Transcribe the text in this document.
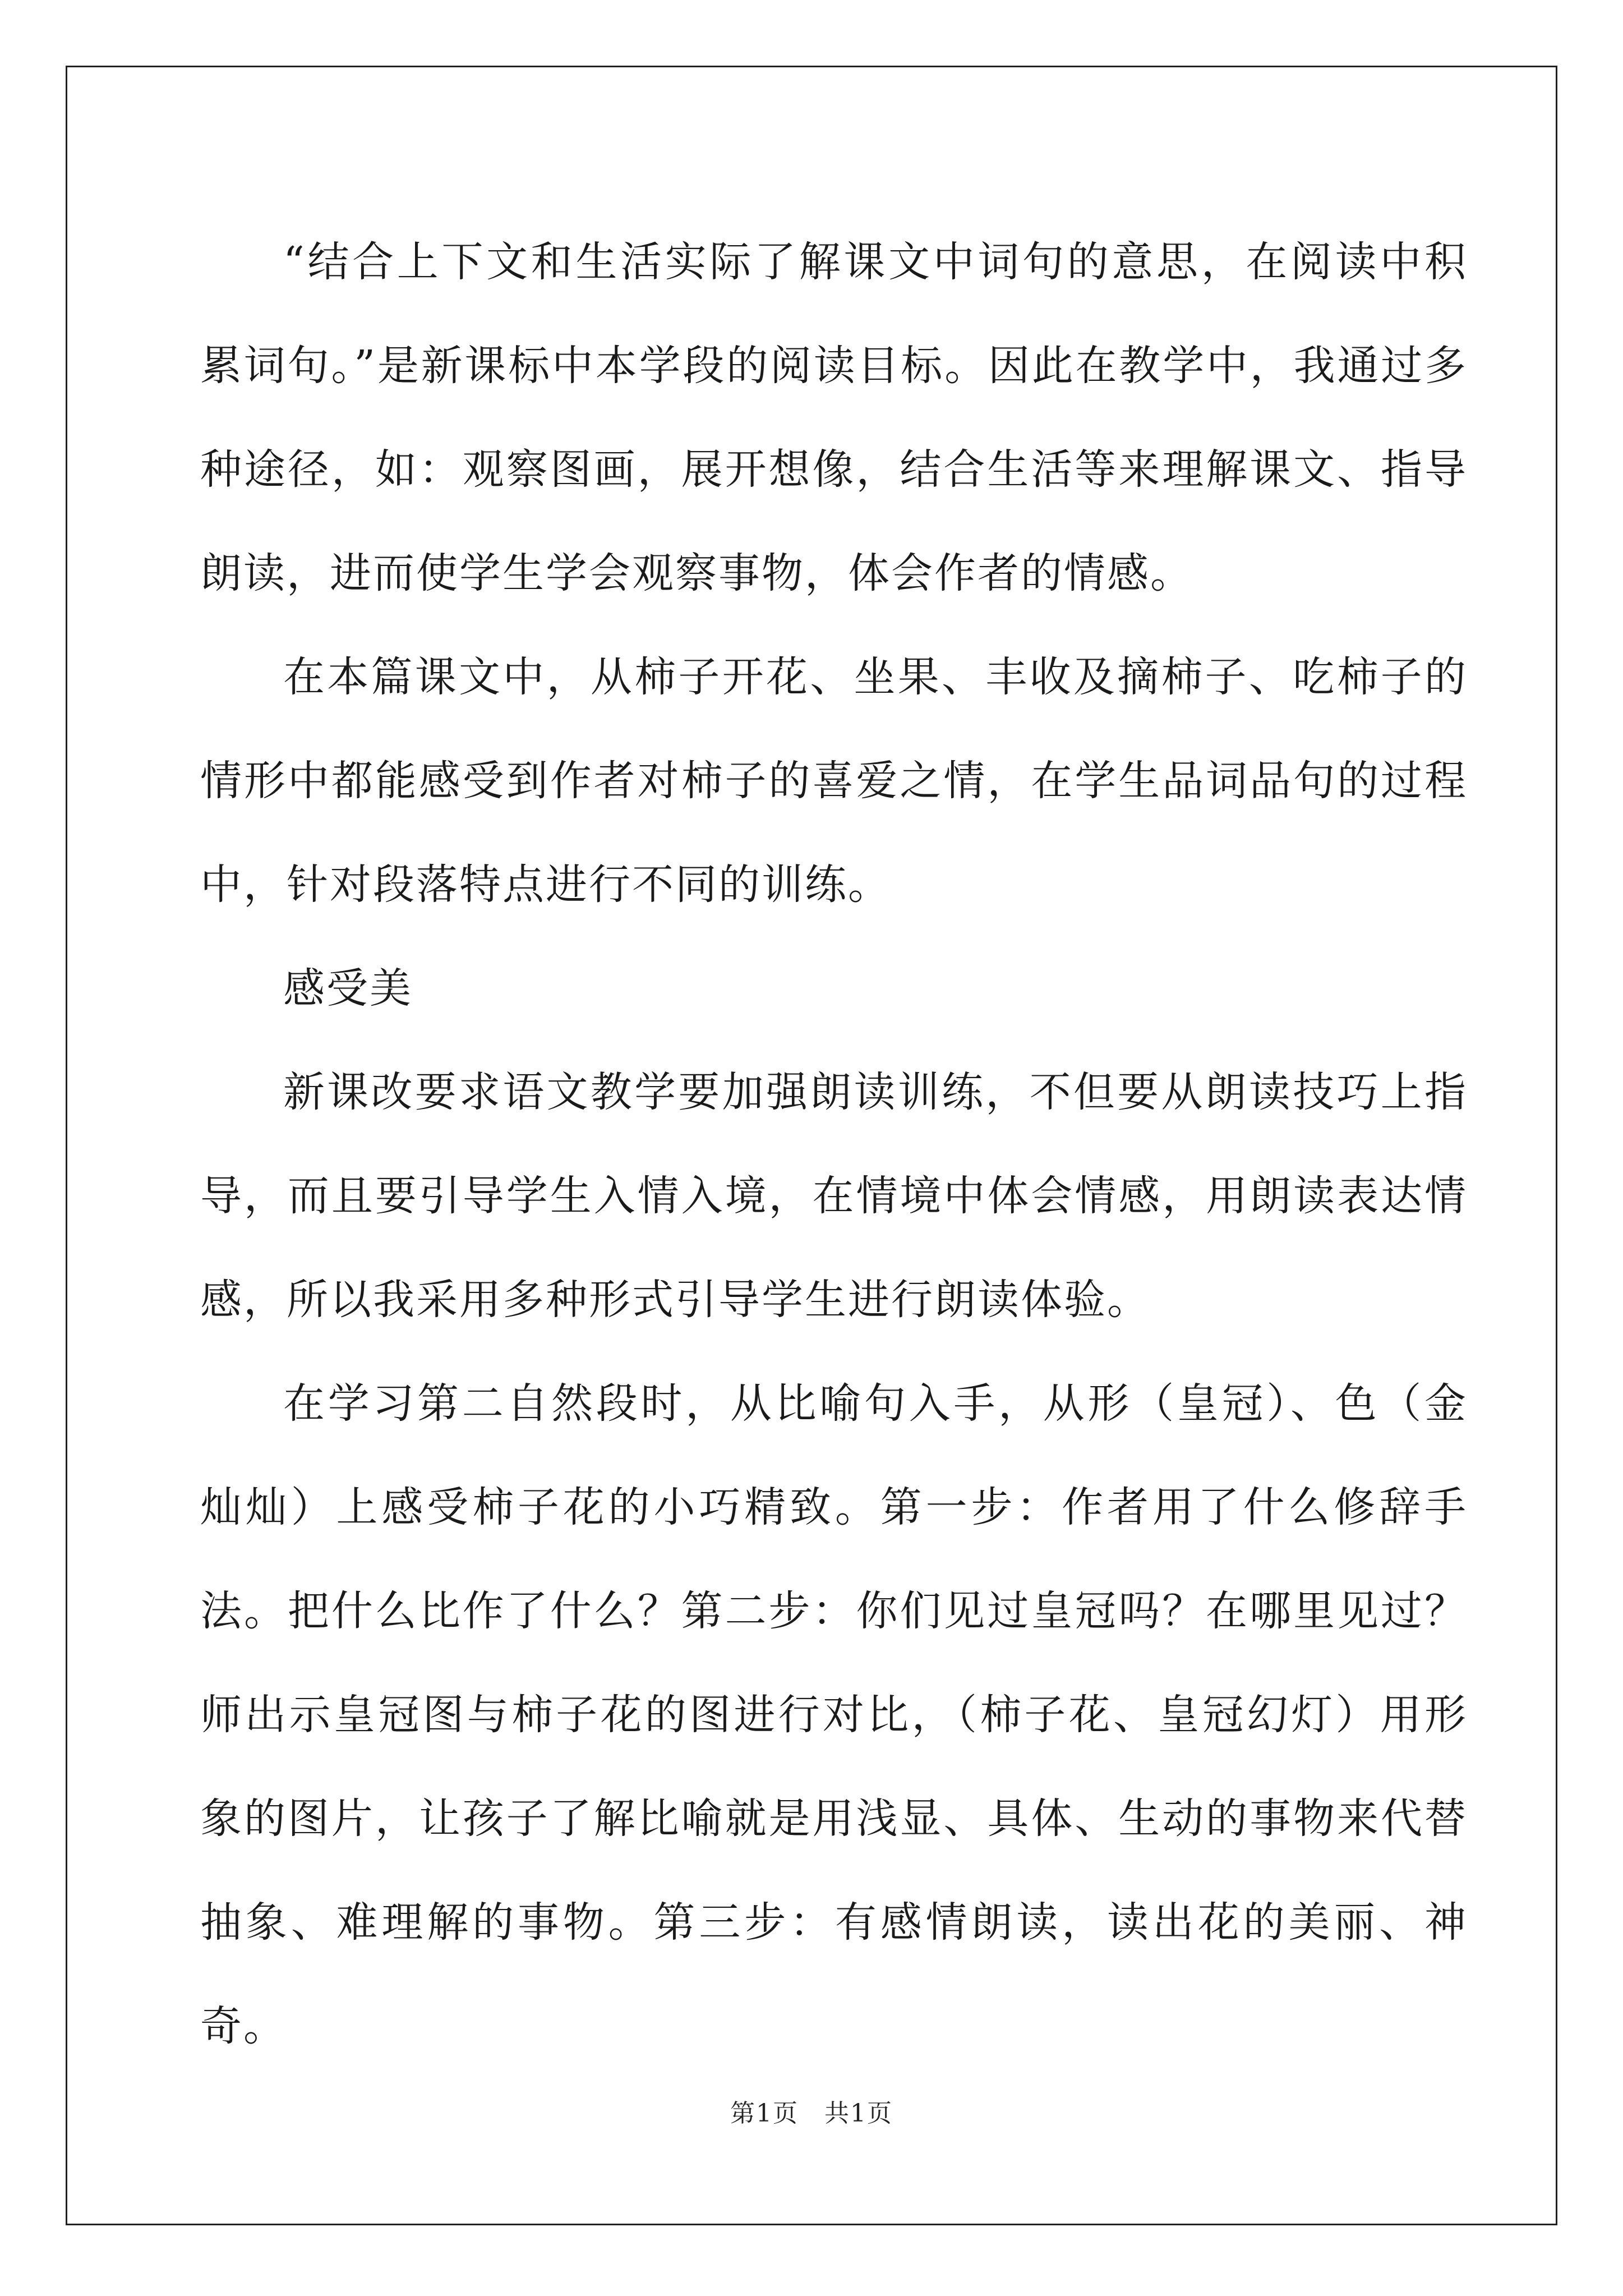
“结合上下文和生活实际了解课文中词句的意思，在阅读中积累词句。”是新课标中本学段的阅读目标。因此在教学中，我通过多种途径，如：观察图画，展开想像，结合生活等来理解课文、指导朗读，进而使学生学会观察事物，体会作者的情感。

在本篇课文中，从柿子开花、坐果、丰收及摘柿子、吃柿子的情形中都能感受到作者对柿子的喜爱之情，在学生品词品句的过程中，针对段落特点进行不同的训练。

感受美

新课改要求语文教学要加强朗读训练，不但要从朗读技巧上指导，而且要引导学生入情入境，在情境中体会情感，用朗读表达情感，所以我采用多种形式引导学生进行朗读体验。

在学习第二自然段时，从比喻句入手，从形（皇冠）、色（金灿灿）上感受柿子花的小巧精致。第一步：作者用了什么修辞手法。把什么比作了什么？第二步：你们见过皇冠吗？在哪里见过？师出示皇冠图与柿子花的图进行对比，（柿子花、皇冠幻灯）用形象的图片，让孩子了解比喻就是用浅显、具体、生动的事物来代替抽象、难理解的事物。第三步：有感情朗读，读出花的美丽、神奇。

第1页　共1页
